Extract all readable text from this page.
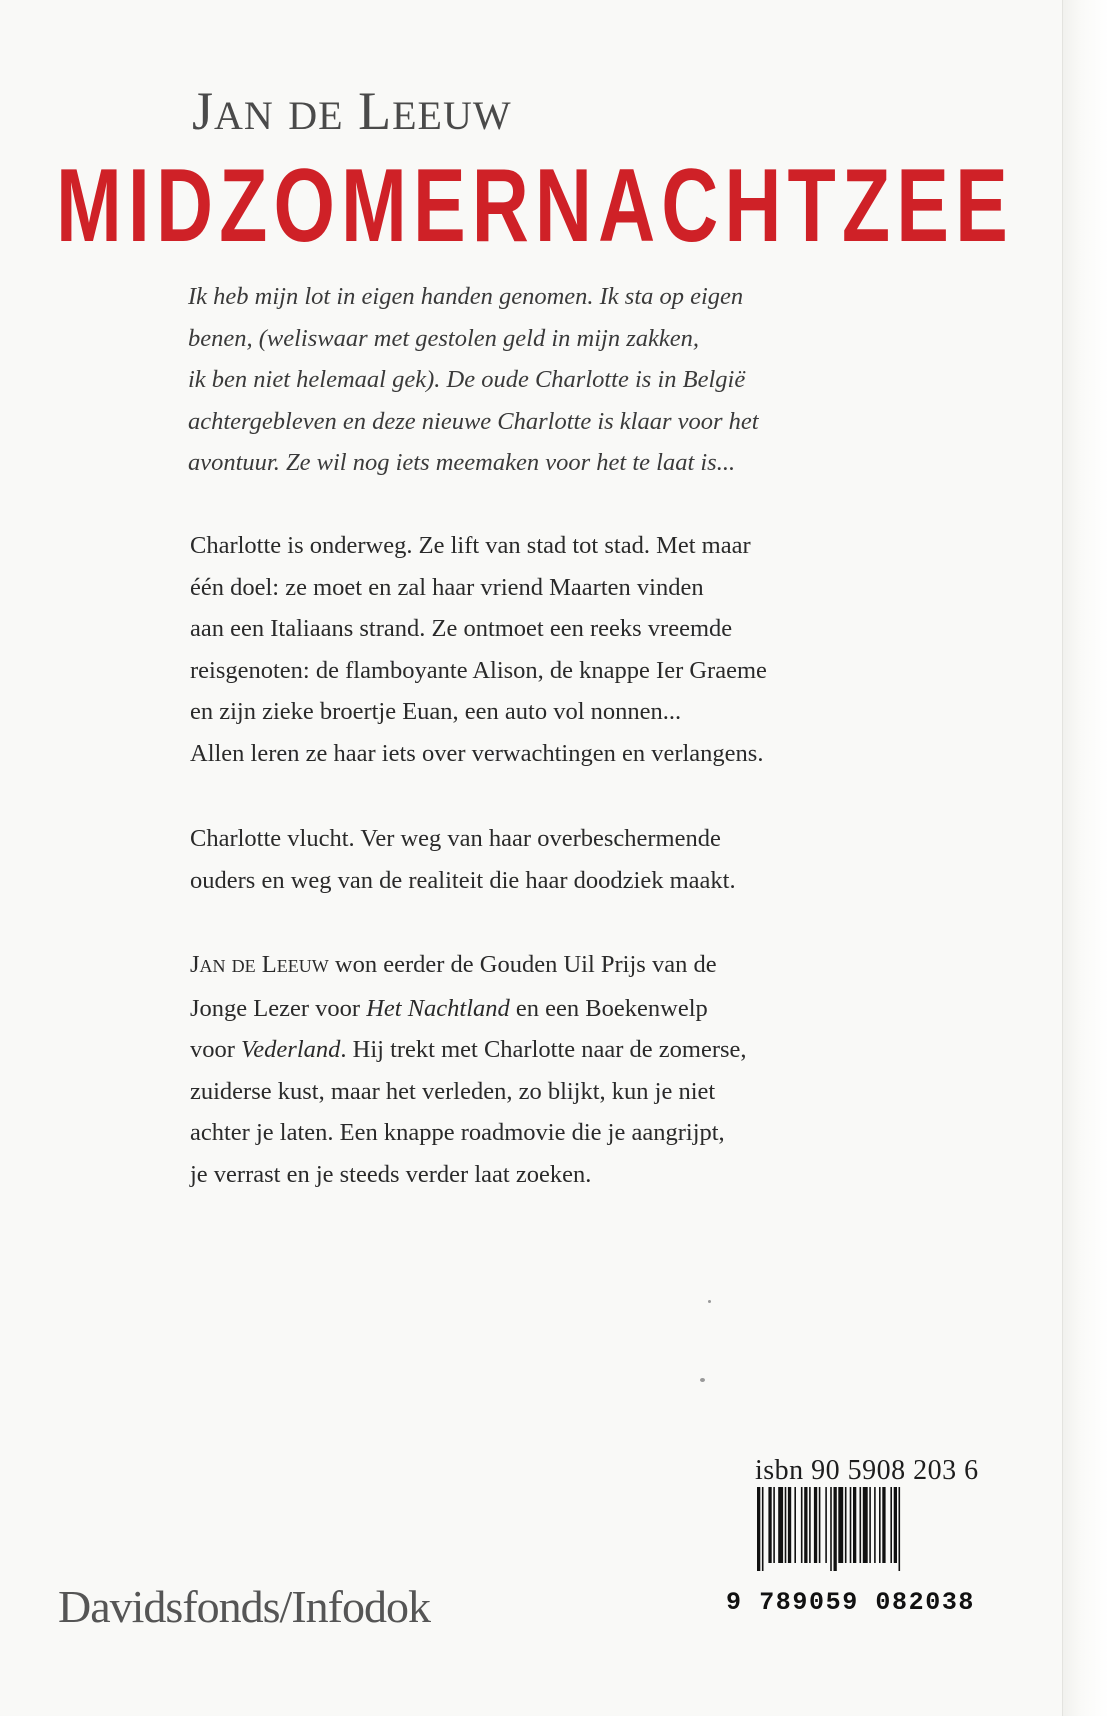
JAN DE LEEUW
MIDZOMERNACHTZEE
Ik heb mijn lot in eigen handen genomen. Ik sta op eigen
benen, (weliswaar met gestolen geld in mijn zakken,
ik ben niet helemaal gek). De oude Charlotte is in België
achtergebleven en deze nieuwe Charlotte is klaar voor het
avontuur. Ze wil nog iets meemaken voor het te laat is...
Charlotte is onderweg. Ze lift van stad tot stad. Met maar
één doel: ze moet en zal haar vriend Maarten vinden
aan een Italiaans strand. Ze ontmoet een reeks vreemde
reisgenoten: de flamboyante Alison, de knappe Ier Graeme
en zijn zieke broertje Euan, een auto vol nonnen...
Allen leren ze haar iets over verwachtingen en verlangens.
Charlotte vlucht. Ver weg van haar overbeschermende
ouders en weg van de realiteit die haar doodziek maakt.
JAN DE LEEUW won eerder de Gouden Uil Prijs van de
Jonge Lezer voor Het Nachtland en een Boekenwelp
voor Vederland. Hij trekt met Charlotte naar de zomerse,
zuiderse kust, maar het verleden, zo blijkt, kun je niet
achter je laten. Een knappe roadmovie die je aangrijpt,
je verrast en je steeds verder laat zoeken.
Davidsfonds/Infodok
isbn 90 5908 203 6
9 789059 082038
